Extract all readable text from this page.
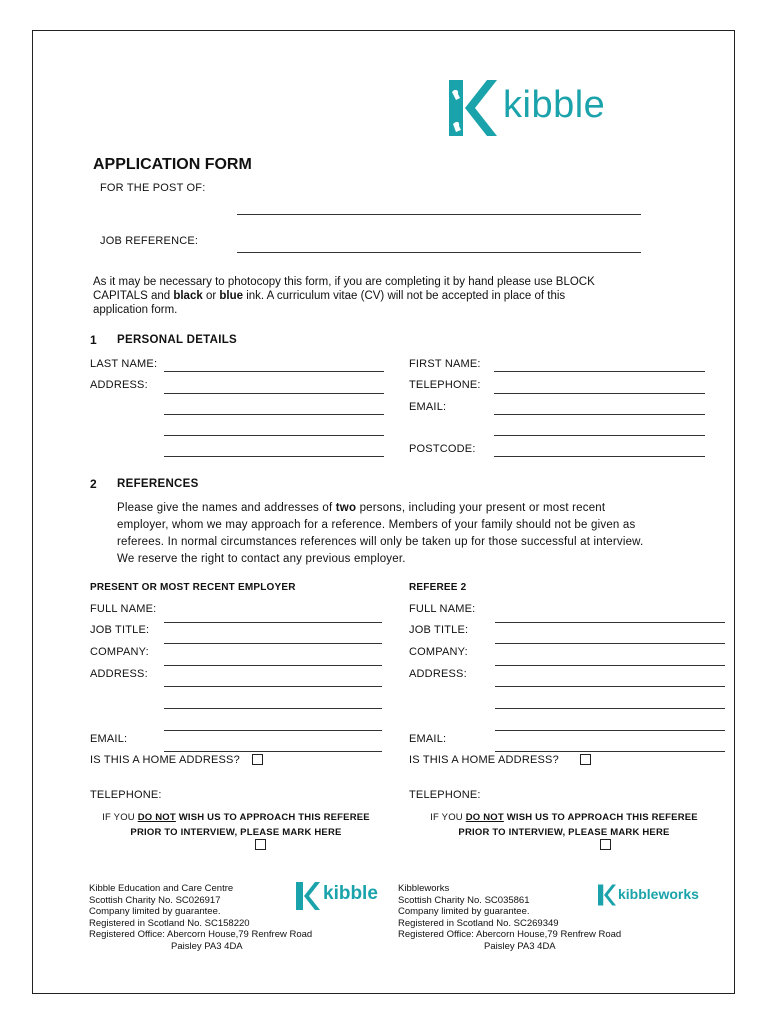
kibble
APPLICATION FORM
FOR THE POST OF:
JOB REFERENCE:
As it may be necessary to photocopy this form, if you are completing it by hand please use BLOCK
CAPITALS and black or blue ink. A curriculum vitae (CV) will not be accepted in place of this
application form.
1 PERSONAL DETAILS
LAST NAME:	FIRST NAME:
ADDRESS:	TELEPHONE:
EMAIL:
POSTCODE:
2 REFERENCES
Please give the names and addresses of two persons, including your present or most recent
employer, whom we may approach for a reference. Members of your family should not be given as
referees. In normal circumstances references will only be taken up for those successful at interview.
We reserve the right to contact any previous employer.
PRESENT OR MOST RECENT EMPLOYER
FULL NAME:
JOB TITLE:
COMPANY:
ADDRESS:
EMAIL:
IS THIS A HOME ADDRESS?
TELEPHONE:
IF YOU DO NOT WISH US TO APPROACH THIS REFEREE
PRIOR TO INTERVIEW, PLEASE MARK HERE
REFEREE 2
FULL NAME:
JOB TITLE:
COMPANY:
ADDRESS:
EMAIL:
IS THIS A HOME ADDRESS?
TELEPHONE:
IF YOU DO NOT WISH US TO APPROACH THIS REFEREE
PRIOR TO INTERVIEW, PLEASE MARK HERE
Kibble Education and Care Centre
Scottish Charity No. SC026917
Company limited by guarantee.
Registered in Scotland No. SC158220
Registered Office: Abercorn House,79 Renfrew Road
Paisley PA3 4DA
kibble Kibbleworks
Scottish Charity No. SC035861
Company limited by guarantee.
Registered in Scotland No. SC269349
Registered Office: Abercorn House,79 Renfrew Road
Paisley PA3 4DA
kibbleworks
